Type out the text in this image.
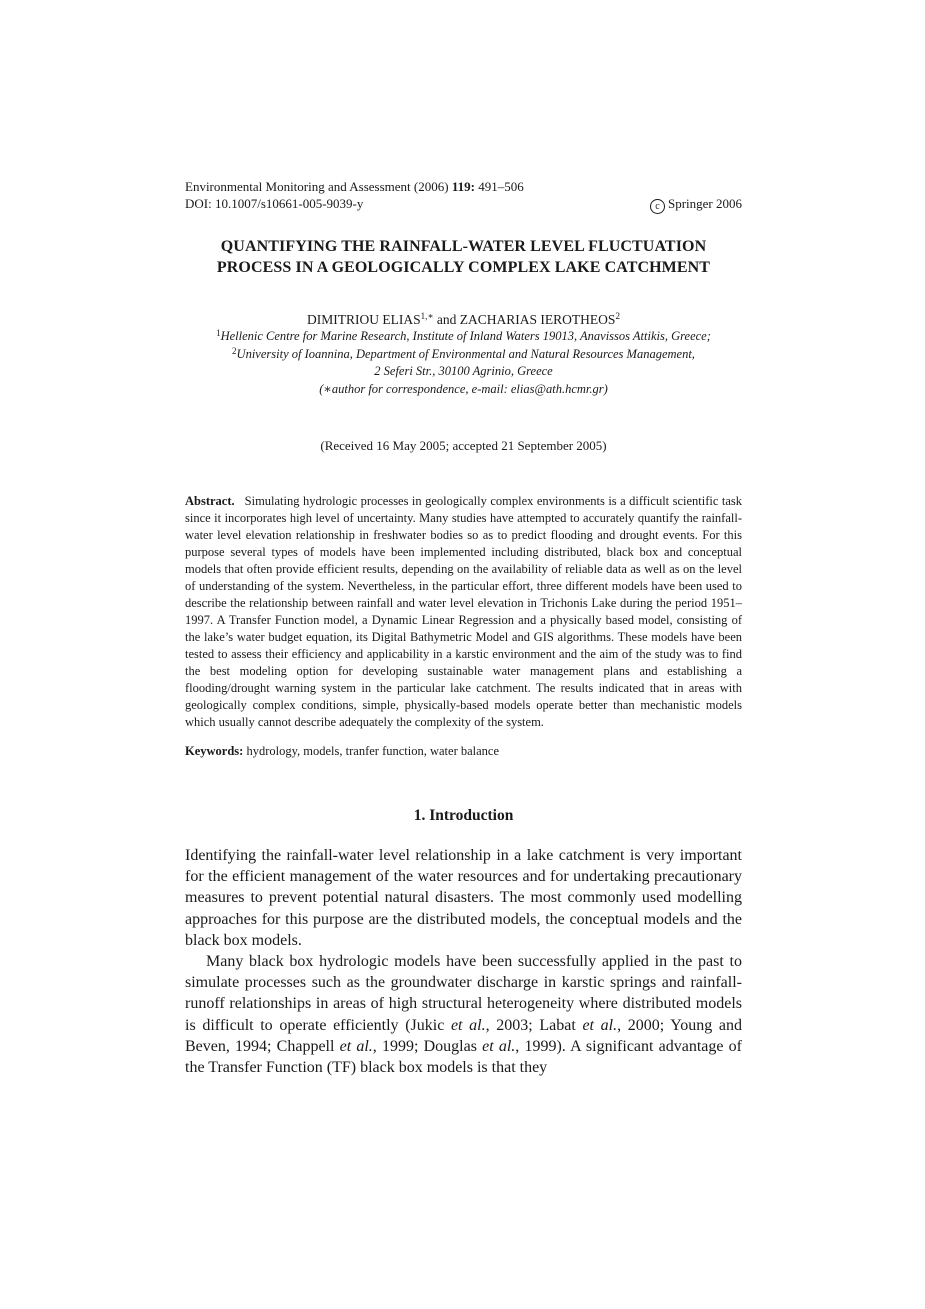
Environmental Monitoring and Assessment (2006) 119: 491–506
DOI: 10.1007/s10661-005-9039-y	c Springer 2006
QUANTIFYING THE RAINFALL-WATER LEVEL FLUCTUATION
PROCESS IN A GEOLOGICALLY COMPLEX LAKE CATCHMENT
DIMITRIOU $ELIAS^{1,∗}$ and ZACHARIAS IEROTHEOS$^2$
$^1$Hellenic Centre for Marine Research, Institute of Inland Waters 19013, Anavissos Attikis, Greece;
$^2$University of Ioannina, Department of Environmental and Natural Resources Management,
2 Seferi Str., 30100 Agrinio, Greece
(∗author for correspondence, e-mail: elias@ath.hcmr.gr)
(Received 16 May 2005; accepted 21 September 2005)
Abstract. Simulating hydrologic processes in geologically complex environments is a difficult scientific task since it incorporates high level of uncertainty. Many studies have attempted to accurately quantify the rainfall-water level elevation relationship in freshwater bodies so as to predict flooding and drought events. For this purpose several types of models have been implemented including distributed, black box and conceptual models that often provide efficient results, depending on the availability of reliable data as well as on the level of understanding of the system. Nevertheless, in the particular effort, three different models have been used to describe the relationship between rainfall and water level elevation in Trichonis Lake during the period 1951–1997. A Transfer Function model, a Dynamic Linear Regression and a physically based model, consisting of the lake’s water budget equation, its Digital Bathymetric Model and GIS algorithms. These models have been tested to assess their efficiency and applicability in a karstic environment and the aim of the study was to find the best modeling option for developing sustainable water management plans and establishing a flooding/drought warning system in the particular lake catchment. The results indicated that in areas with geologically complex conditions, simple, physically-based models operate better than mechanistic models which usually cannot describe adequately the complexity of the system.
Keywords: hydrology, models, tranfer function, water balance
1. Introduction

Identifying the rainfall-water level relationship in a lake catchment is very important for the efficient management of the water resources and for undertaking precautionary measures to prevent potential natural disasters. The most commonly used modelling approaches for this purpose are the distributed models, the conceptual models and the black box models.

Many black box hydrologic models have been successfully applied in the past to simulate processes such as the groundwater discharge in karstic springs and rainfall-runoff relationships in areas of high structural heterogeneity where distributed models is difficult to operate efficiently (Jukic et al., 2003; Labat et al., 2000; Young and Beven, 1994; Chappell et al., 1999; Douglas et al., 1999). A significant advantage of the Transfer Function (TF) black box models is that they
